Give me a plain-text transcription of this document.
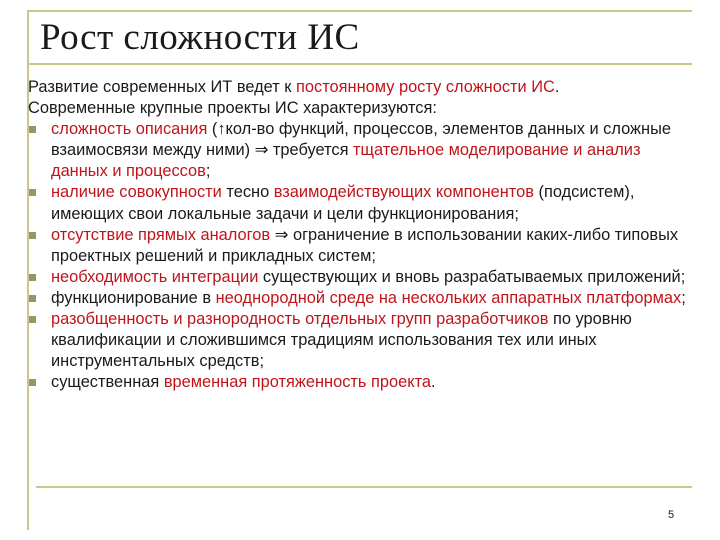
Рост сложности ИС

Развитие современных ИТ ведет к постоянному росту сложности ИС.
Современные крупные проекты ИС характеризуются:

сложность описания (↑кол-во функций, процессов, элементов данных и сложные взаимосвязи между ними) ⇒ требуется тщательное моделирование и анализ данных и процессов;
наличие совокупности тесно взаимодействующих компонентов (подсистем), имеющих свои локальные задачи и цели функционирования;
отсутствие прямых аналогов ⇒ ограничение в использовании каких-либо типовых проектных решений и прикладных систем;
необходимость интеграции существующих и вновь разрабатываемых приложений;
функционирование в неоднородной среде на нескольких аппаратных платформах;
разобщенность и разнородность отдельных групп разработчиков по уровню квалификации и сложившимся традициям использования тех или иных инструментальных средств;
существенная временная протяженность проекта.
5
